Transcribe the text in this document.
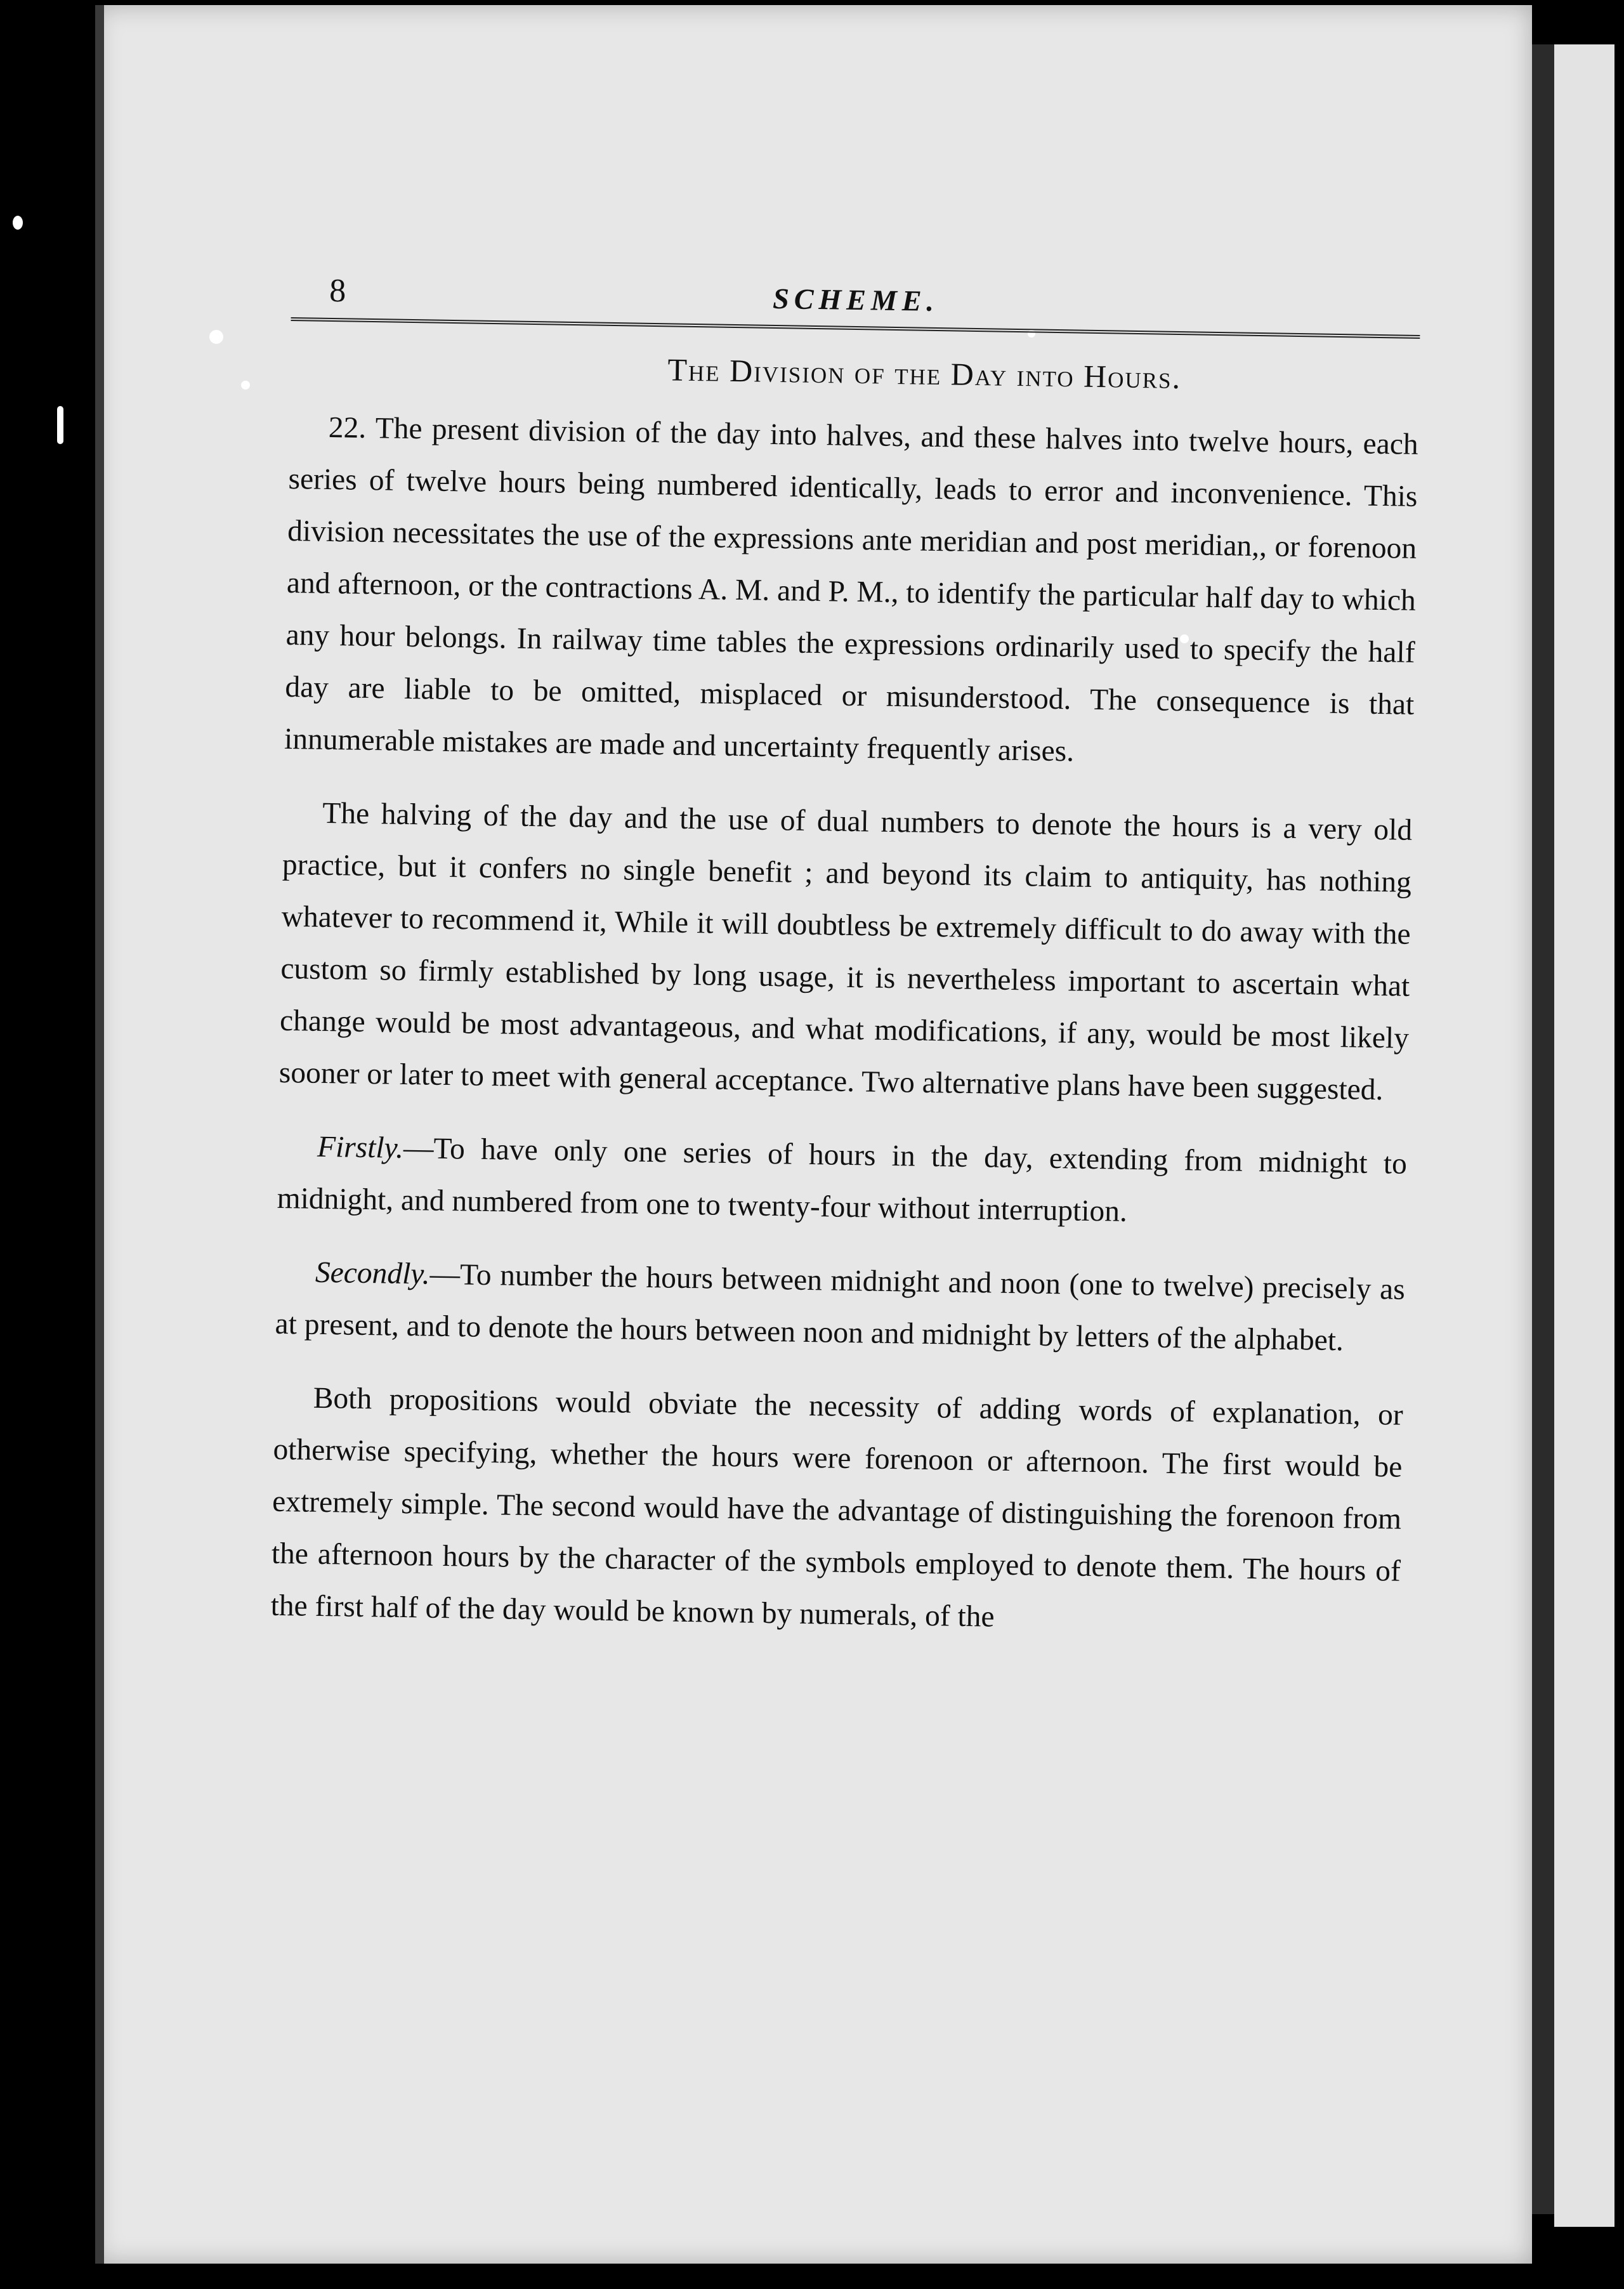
8	SCHEME.
The Division of the Day into Hours.

22. The present division of the day into halves, and these halves into twelve hours, each series of twelve hours being numbered identically, leads to error and inconvenience. This division necessitates the use of the expressions ante meridian and post meridian,, or forenoon and afternoon, or the contractions A. M. and P. M., to identify the particular half day to which any hour belongs. In railway time tables the expressions ordinarily used to specify the half day are liable to be omitted, misplaced or misunderstood. The consequence is that innumerable mistakes are made and uncertainty frequently arises.

The halving of the day and the use of dual numbers to denote the hours is a very old practice, but it confers no single benefit ; and beyond its claim to antiquity, has nothing whatever to recommend it, While it will doubtless be extremely difficult to do away with the custom so firmly established by long usage, it is nevertheless important to ascertain what change would be most advantageous, and what modifications, if any, would be most likely sooner or later to meet with general acceptance. Two alternative plans have been suggested.

Firstly.—To have only one series of hours in the day, extending from midnight to midnight, and numbered from one to twenty-four without interruption.

Secondly.—To number the hours between midnight and noon (one to twelve) precisely as at present, and to denote the hours between noon and midnight by letters of the alphabet.

Both propositions would obviate the necessity of adding words of explanation, or otherwise specifying, whether the hours were forenoon or afternoon. The first would be extremely simple. The second would have the advantage of distinguishing the forenoon from the afternoon hours by the character of the symbols employed to denote them. The hours of the first half of the day would be known by numerals, of the
